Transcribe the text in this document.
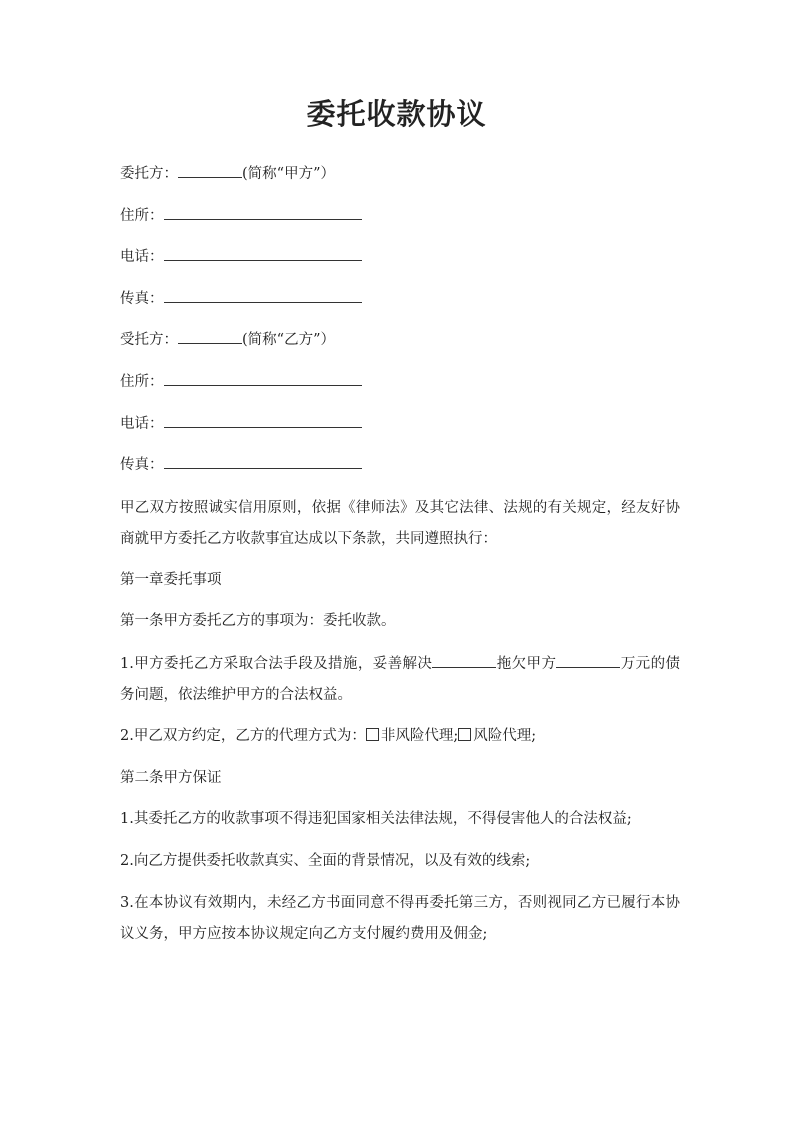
委托收款协议
委托方：	(简称“甲方”）
住所：
电话：
传真：
受托方：	(简称“乙方”）
住所：
电话：
传真：
甲乙双方按照诚实信用原则，依据《律师法》及其它法律、法规的有关规定，经友好协商就甲方委托乙方收款事宜达成以下条款，共同遵照执行：
第一章委托事项
第一条甲方委托乙方的事项为：委托收款。
1.甲方委托乙方采取合法手段及措施，妥善解决	拖欠甲方	万元的债务问题，依法维护甲方的合法权益。
2.甲乙双方约定，乙方的代理方式为： 非风险代理; 风险代理;
第二条甲方保证
1.其委托乙方的收款事项不得违犯国家相关法律法规，不得侵害他人的合法权益;
2.向乙方提供委托收款真实、全面的背景情况，以及有效的线索;
3.在本协议有效期内，未经乙方书面同意不得再委托第三方，否则视同乙方已履行本协议义务，甲方应按本协议规定向乙方支付履约费用及佣金;
